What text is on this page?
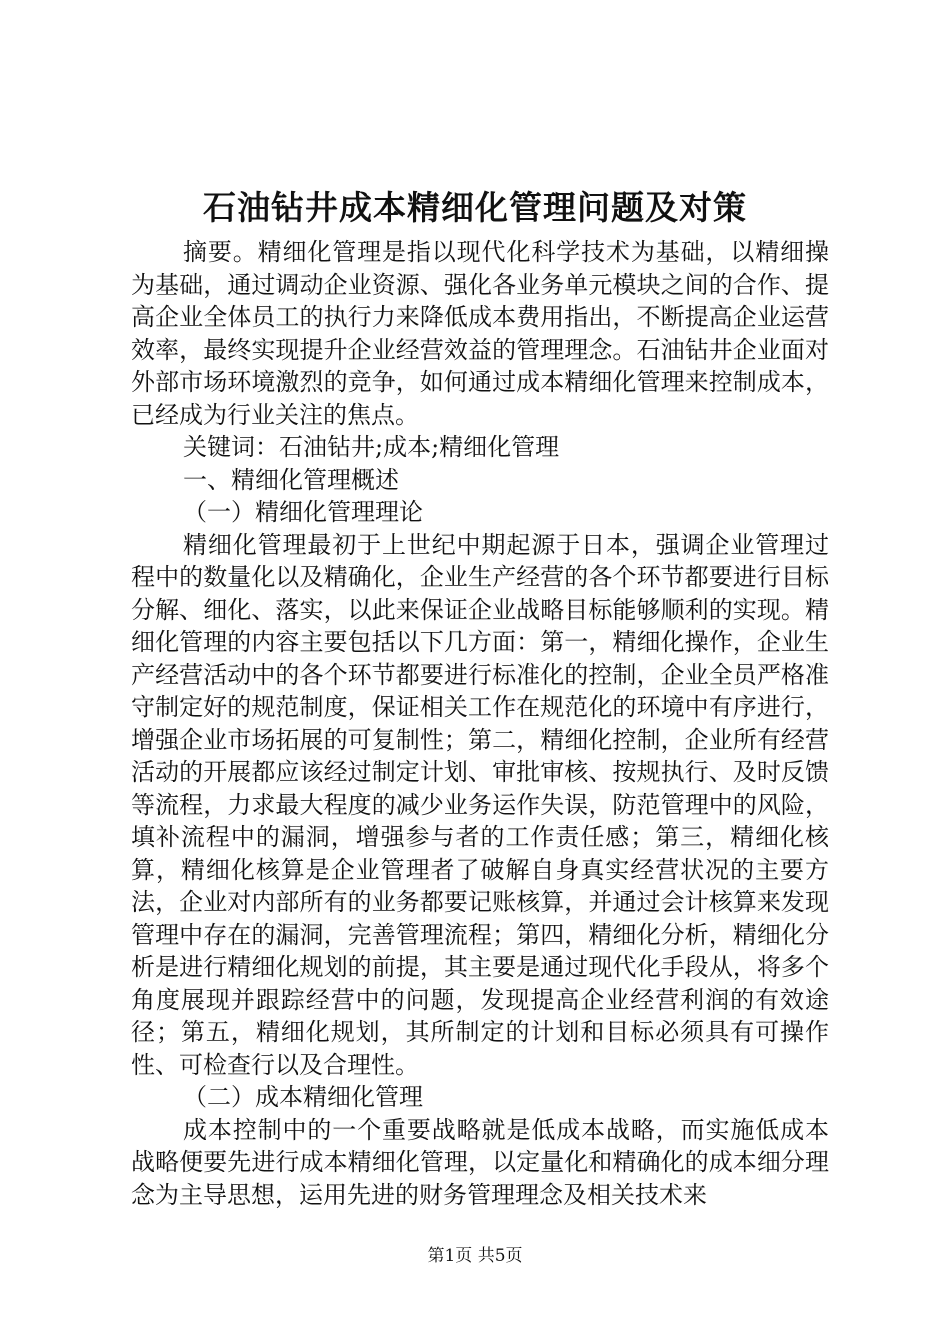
石油钻井成本精细化管理问题及对策

摘要。精细化管理是指以现代化科学技术为基础，以精细操为基础，通过调动企业资源、强化各业务单元模块之间的合作、提高企业全体员工的执行力来降低成本费用指出，不断提高企业运营效率，最终实现提升企业经营效益的管理理念。石油钻井企业面对外部市场环境激烈的竞争，如何通过成本精细化管理来控制成本，已经成为行业关注的焦点。

关键词：石油钻井;成本;精细化管理

一、精细化管理概述

（一）精细化管理理论

精细化管理最初于上世纪中期起源于日本，强调企业管理过程中的数量化以及精确化，企业生产经营的各个环节都要进行目标分解、细化、落实，以此来保证企业战略目标能够顺利的实现。精细化管理的内容主要包括以下几方面：第一，精细化操作，企业生产经营活动中的各个环节都要进行标准化的控制，企业全员严格准守制定好的规范制度，保证相关工作在规范化的环境中有序进行，增强企业市场拓展的可复制性；第二，精细化控制，企业所有经营活动的开展都应该经过制定计划、审批审核、按规执行、及时反馈等流程，力求最大程度的减少业务运作失误，防范管理中的风险，填补流程中的漏洞，增强参与者的工作责任感；第三，精细化核算，精细化核算是企业管理者了破解自身真实经营状况的主要方法，企业对内部所有的业务都要记账核算，并通过会计核算来发现管理中存在的漏洞，完善管理流程；第四，精细化分析，精细化分析是进行精细化规划的前提，其主要是通过现代化手段从，将多个角度展现并跟踪经营中的问题，发现提高企业经营利润的有效途径；第五，精细化规划，其所制定的计划和目标必须具有可操作性、可检查行以及合理性。

（二）成本精细化管理

成本控制中的一个重要战略就是低成本战略，而实施低成本战略便要先进行成本精细化管理，以定量化和精确化的成本细分理念为主导思想，运用先进的财务管理理念及相关技术来

第1页 共5页
